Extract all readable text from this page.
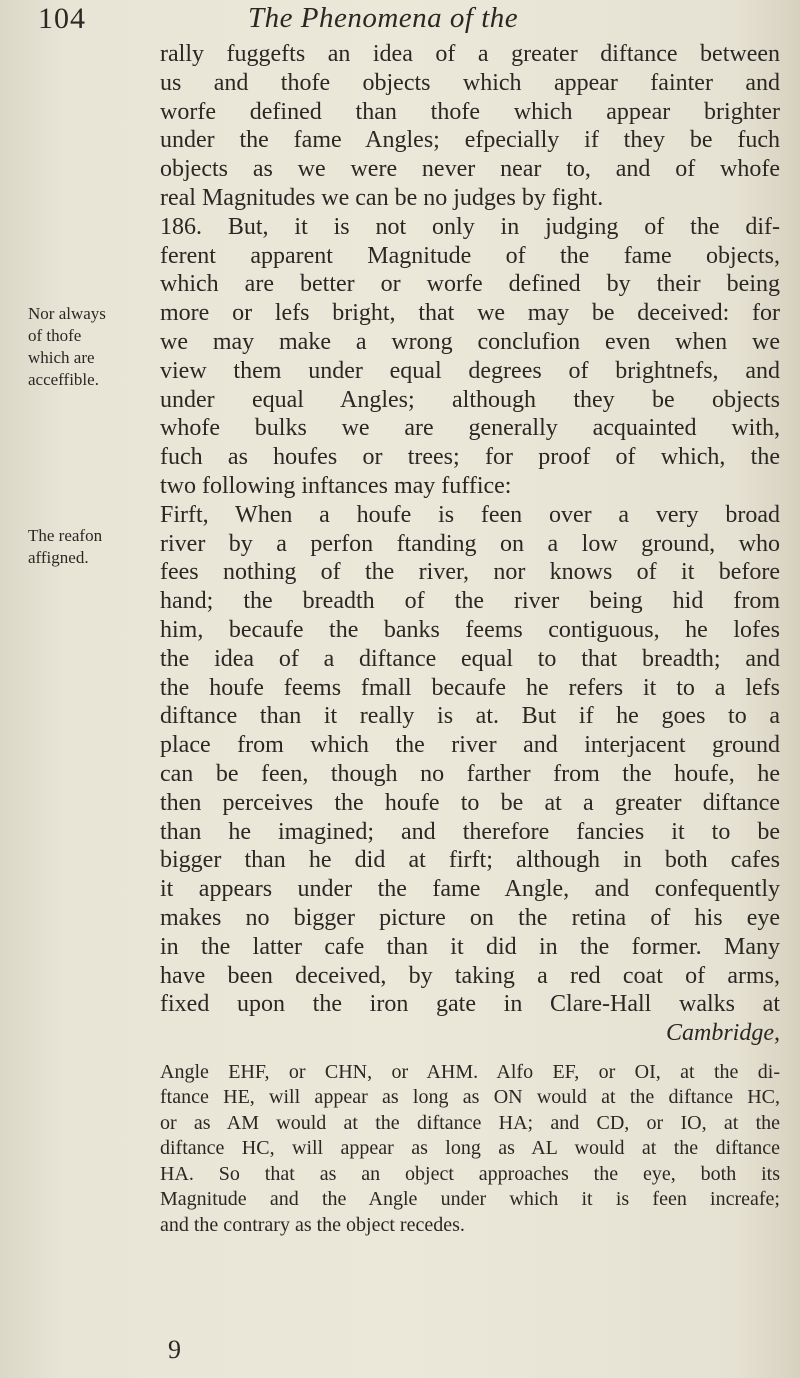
104	The Phenomena of the
Nor always
of thofe
which are
acceffible.
The reafon
affigned.
rally fuggefts an idea of a greater diftance between
us and thofe objects which appear fainter and
worfe defined than thofe which appear brighter
under the fame Angles; efpecially if they be fuch
objects as we were never near to, and of whofe
real Magnitudes we can be no judges by fight.
186. But, it is not only in judging of the dif-
ferent apparent Magnitude of the fame objects,
which are better or worfe defined by their being
more or lefs bright, that we may be deceived: for
we may make a wrong conclufion even when we
view them under equal degrees of brightnefs, and
under equal Angles; although they be objects
whofe bulks we are generally acquainted with,
fuch as houfes or trees; for proof of which, the
two following inftances may fuffice:
Firft, When a houfe is feen over a very broad
river by a perfon ftanding on a low ground, who
fees nothing of the river, nor knows of it before
hand; the breadth of the river being hid from
him, becaufe the banks feems contiguous, he lofes
the idea of a diftance equal to that breadth; and
the houfe feems fmall becaufe he refers it to a lefs
diftance than it really is at. But if he goes to a
place from which the river and interjacent ground
can be feen, though no farther from the houfe, he
then perceives the houfe to be at a greater diftance
than he imagined; and therefore fancies it to be
bigger than he did at firft; although in both cafes
it appears under the fame Angle, and confequently
makes no bigger picture on the retina of his eye
in the latter cafe than it did in the former. Many
have been deceived, by taking a red coat of arms,
fixed upon the iron gate in Clare-Hall walks at
Cambridge,
Angle EHF, or CHN, or AHM. Alfo EF, or OI, at the di-
ftance HE, will appear as long as ON would at the diftance HC,
or as AM would at the diftance HA; and CD, or IO, at the
diftance HC, will appear as long as AL would at the diftance
HA. So that as an object approaches the eye, both its
Magnitude and the Angle under which it is feen increafe;
and the contrary as the object recedes.
9
